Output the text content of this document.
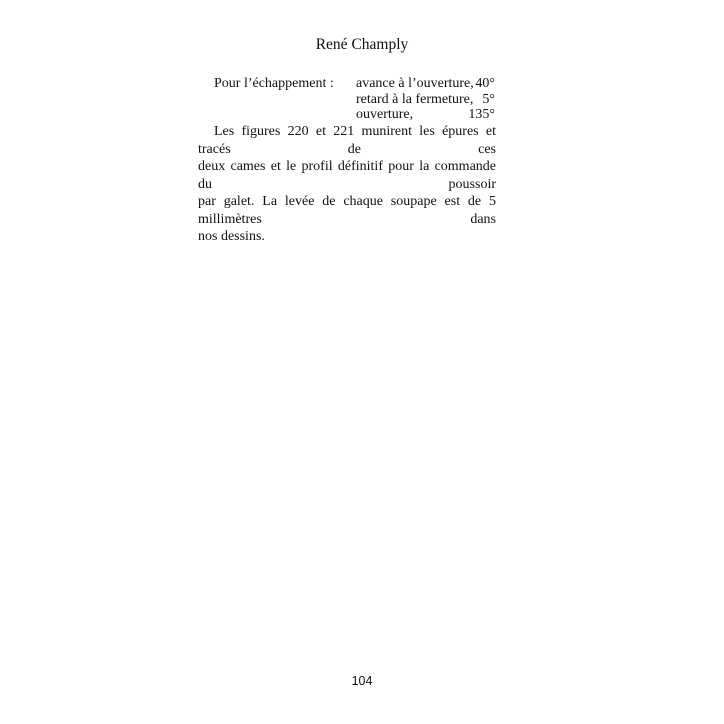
René Champly
Pour l’échappement : avance à l’ouverture, 40°
retard à la fermeture, 5°
ouverture,	135°
Les figures 220 et 221 munirent les épures et tracés de ces
deux cames et le profil définitif pour la commande du poussoir
par galet. La levée de chaque soupape est de 5 millimètres dans
nos dessins.
104
